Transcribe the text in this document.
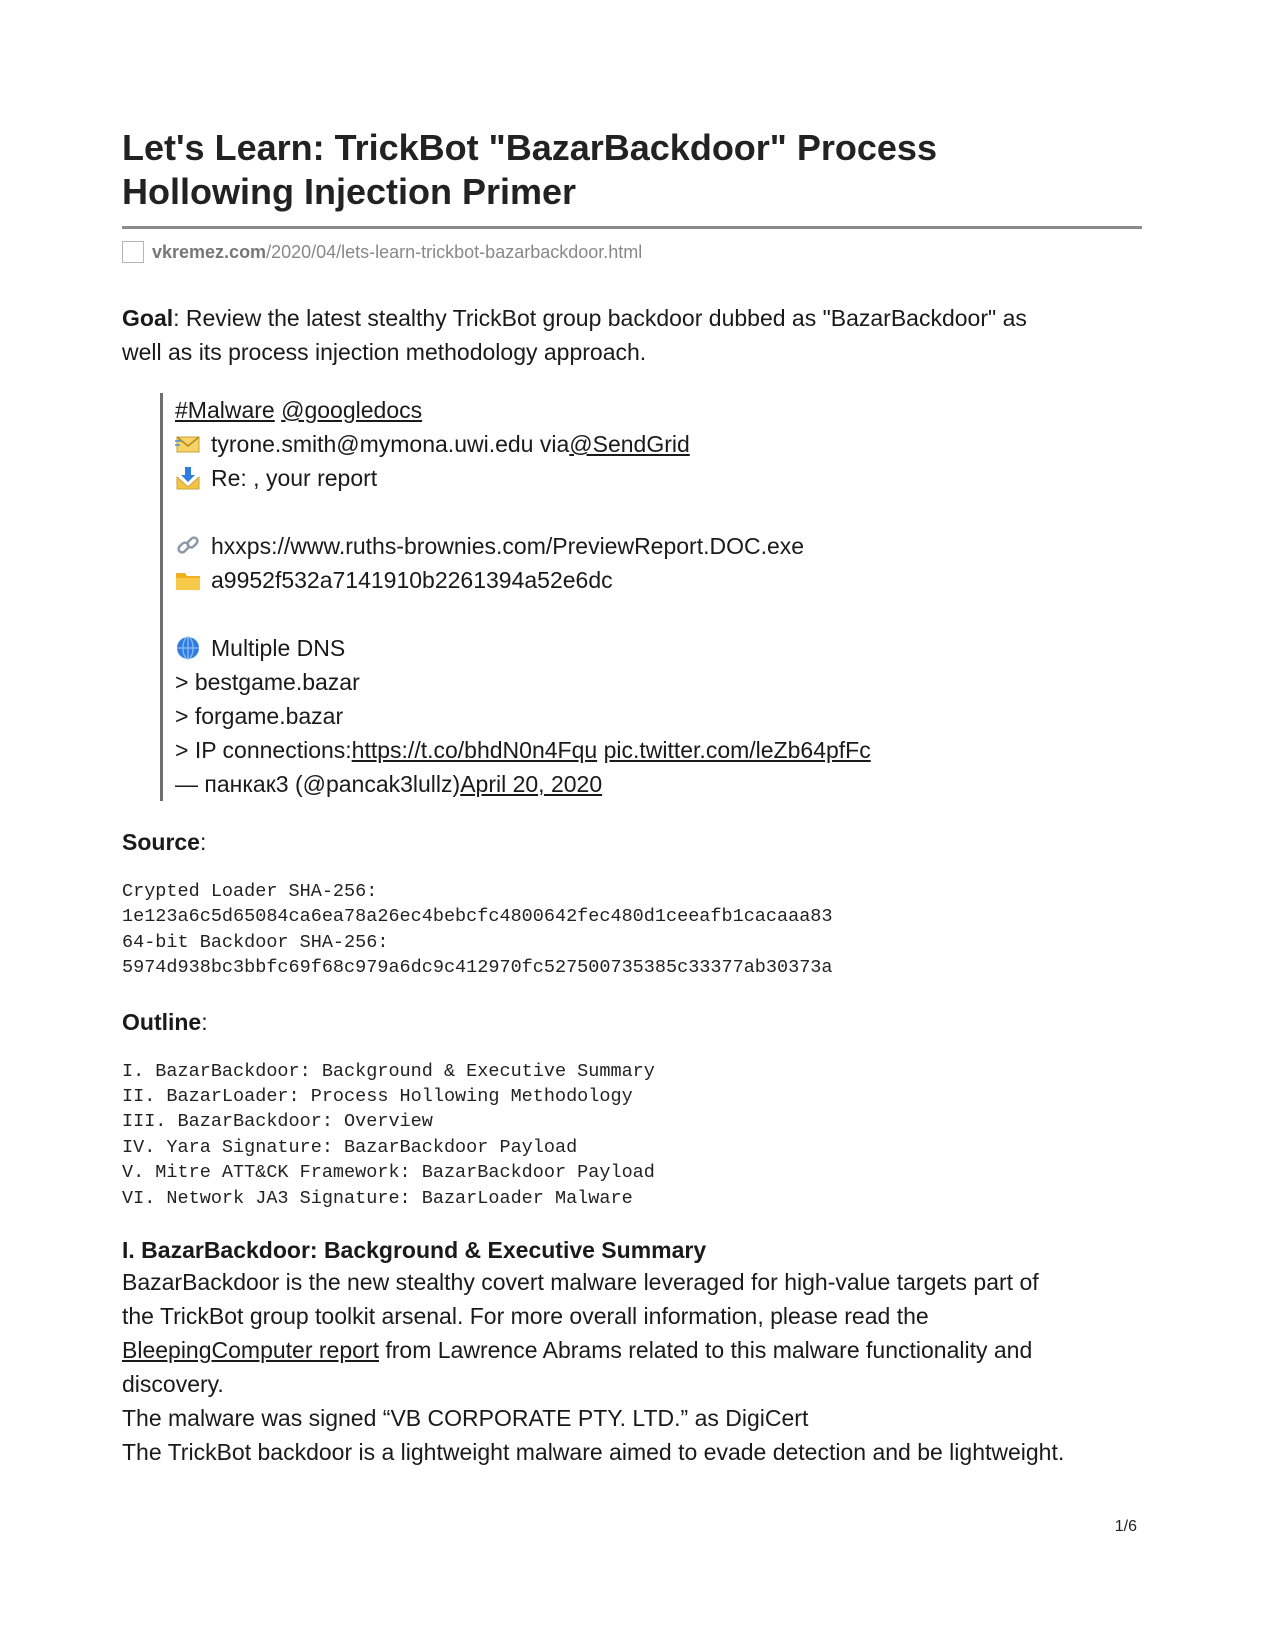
Let's Learn: TrickBot "BazarBackdoor" Process
Hollowing Injection Primer
vkremez.com /2020/04/lets-learn-trickbot-bazarbackdoor.html

Goal: Review the latest stealthy TrickBot group backdoor dubbed as "BazarBackdoor" as
well as its process injection methodology approach.

#Malware
@googledocs
tyrone.smith@mymona.uwi.edu via @SendGrid
Re: , your report
hxxps://www.ruths-brownies.com/PreviewReport.DOC.exe
a9952f532a7141910b2261394a52e6dc
Multiple DNS
> bestgame.bazar
> forgame.bazar
> IP connections: https://t.co/bhdN0n4Fqu
pic.twitter.com/leZb64pfFc
— панкак3 (@pancak3lullz) April 20, 2020
Source:
Crypted Loader SHA-256:
1e123a6c5d65084ca6ea78a26ec4bebcfc4800642fec480d1ceeafb1cacaaa83
64-bit Backdoor SHA-256:
5974d938bc3bbfc69f68c979a6dc9c412970fc527500735385c33377ab30373a
Outline:
I. BazarBackdoor: Background & Executive Summary
II. BazarLoader: Process Hollowing Methodology
III. BazarBackdoor: Overview
IV. Yara Signature: BazarBackdoor Payload
V. Mitre ATT&CK Framework: BazarBackdoor Payload
VI. Network JA3 Signature: BazarLoader Malware
I. BazarBackdoor: Background & Executive Summary

BazarBackdoor is the new stealthy covert malware leveraged for high-value targets part of
the TrickBot group toolkit arsenal. For more overall information, please read the
BleepingComputer report from Lawrence Abrams related to this malware functionality and
discovery.
The malware was signed “VB CORPORATE PTY. LTD.” as DigiCert
The TrickBot backdoor is a lightweight malware aimed to evade detection and be lightweight.

1/6
